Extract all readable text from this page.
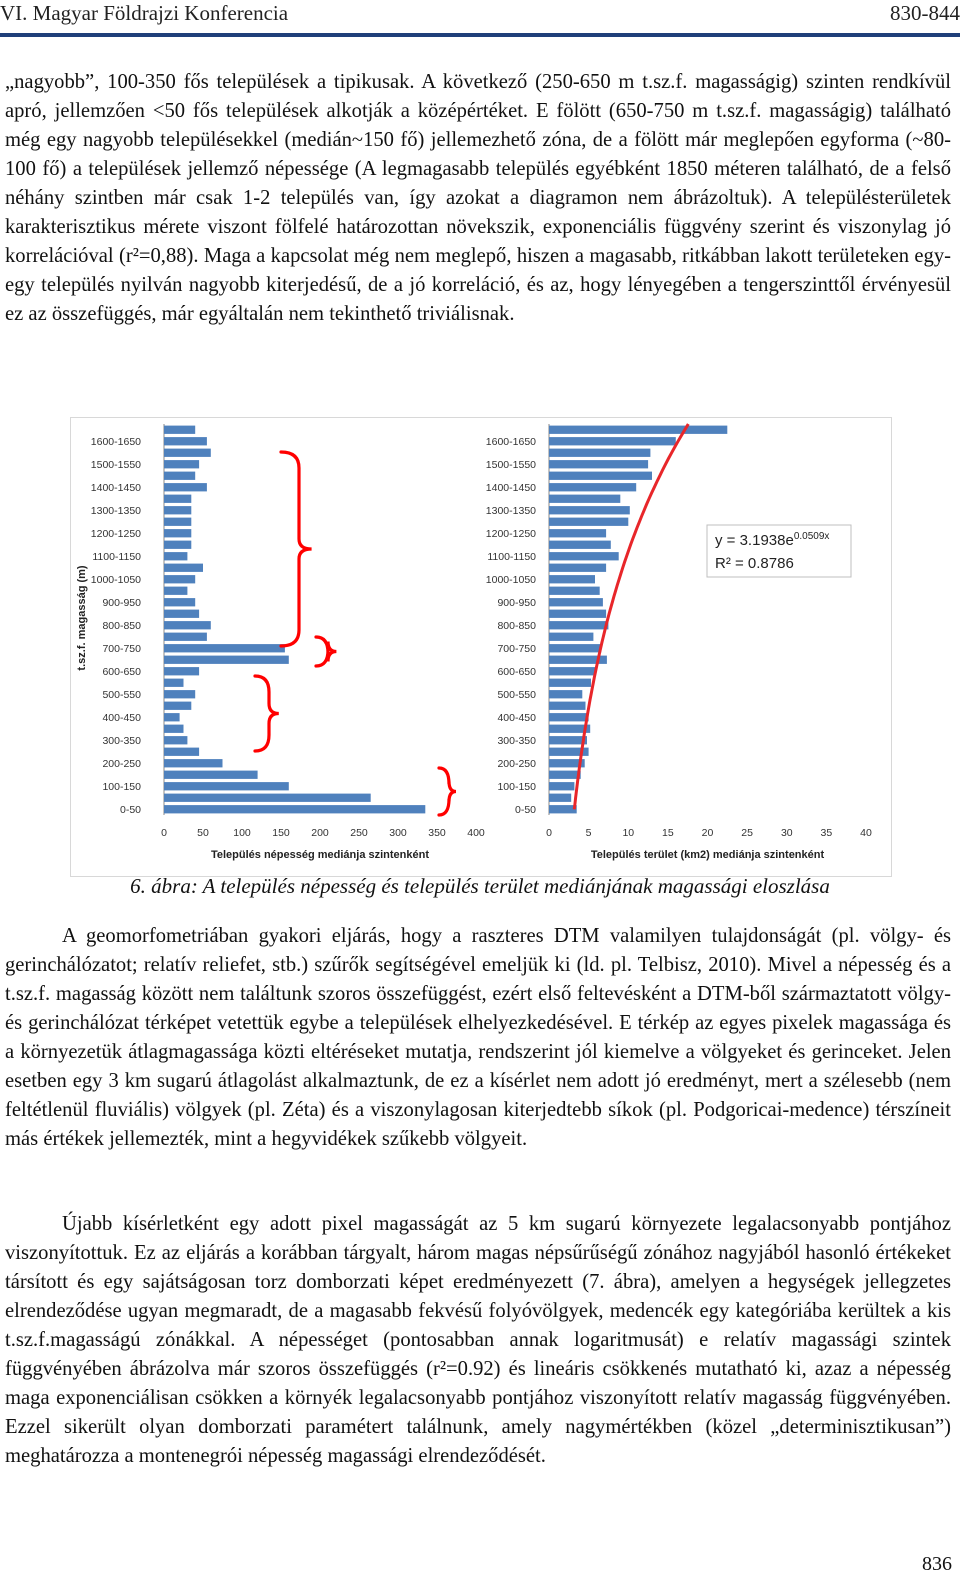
VI. Magyar Földrajzi Konferencia	830-844

„nagyobb”, 100-350 fős települések a tipikusak. A következő (250-650 m t.sz.f. magasságig) szinten rendkívül apró, jellemzően <50 fős települések alkotják a középértéket. E fölött (650-750 m t.sz.f. magasságig) található még egy nagyobb településekkel (medián~150 fő) jellemezhető zóna, de a fölött már meglepően egyforma (~80-100 fő) a települések jellemző népessége (A legmagasabb település egyébként 1850 méteren található, de a felső néhány szintben már csak 1-2 település van, így azokat a diagramon nem ábrázoltuk). A településterületek karakterisztikus mérete viszont fölfelé határozottan növekszik, exponenciális függvény szerint és viszonylag jó korrelációval (r²=0,88). Maga a kapcsolat még nem meglepő, hiszen a magasabb, ritkábban lakott területeken egy-egy település nyilván nagyobb kiterjedésű, de a jó korreláció, és az, hogy lényegében a tengerszinttől érvényesül ez az összefüggés, már egyáltalán nem tekinthető triviálisnak.

0-50
100-150
200-250
300-350
400-450
500-550
600-650
700-750
800-850
900-950
1000-1050
1100-1150
1200-1250
1300-1350
1400-1450
1500-1550
1600-1650
0	50 100 150 200 250 300 350 400
Település népesség mediánja szintenként
t.sz.f. magasság (m)
0-50
100-150
200-250
300-350
400-450
500-550
600-650
700-750
800-850
900-950
1000-1050
1100-1150
1200-1250
1300-1350
1400-1450
1500-1550
1600-1650
0	5	10	15	20	25	30	35	40
Település terület (km2) mediánja szintenként
$y = 3.1938e^{0.0509x}$
R² = 0.8786
6. ábra: A település népesség és település terület mediánjának magassági eloszlása

A geomorfometriában gyakori eljárás, hogy a raszteres DTM valamilyen tulajdonságát (pl. völgy- és gerinchálózatot; relatív reliefet, stb.) szűrők segítségével emeljük ki (ld. pl. Telbisz, 2010). Mivel a népesség és a t.sz.f. magasság között nem találtunk szoros összefüggést, ezért első feltevésként a DTM-ből származtatott völgy- és gerinchálózat térképet vetettük egybe a települések elhelyezkedésével. E térkép az egyes pixelek magassága és a környezetük átlagmagassága közti eltéréseket mutatja, rendszerint jól kiemelve a völgyeket és gerinceket. Jelen esetben egy 3 km sugarú átlagolást alkalmaztunk, de ez a kísérlet nem adott jó eredményt, mert a szélesebb (nem feltétlenül fluviális) völgyek (pl. Zéta) és a viszonylagosan kiterjedtebb síkok (pl. Podgoricai-medence) térszíneit más értékek jellemezték, mint a hegyvidékek szűkebb völgyeit.

Újabb kísérletként egy adott pixel magasságát az 5 km sugarú környezete legalacsonyabb pontjához viszonyítottuk. Ez az eljárás a korábban tárgyalt, három magas népsűrűségű zónához nagyjából hasonló értékeket társított és egy sajátságosan torz domborzati képet eredményezett (7. ábra), amelyen a hegységek jellegzetes elrendeződése ugyan megmaradt, de a magasabb fekvésű folyóvölgyek, medencék egy kategóriába kerültek a kis t.sz.f.magasságú zónákkal. A népességet (pontosabban annak logaritmusát) e relatív magassági szintek függvényében ábrázolva már szoros összefüggés (r²=0.92) és lineáris csökkenés mutatható ki, azaz a népesség maga exponenciálisan csökken a környék legalacsonyabb pontjához viszonyított relatív magasság függvényében. Ezzel sikerült olyan domborzati paramétert találnunk, amely nagymértékben (közel „determinisztikusan”) meghatározza a montenegrói népesség magassági elrendeződését.

836
